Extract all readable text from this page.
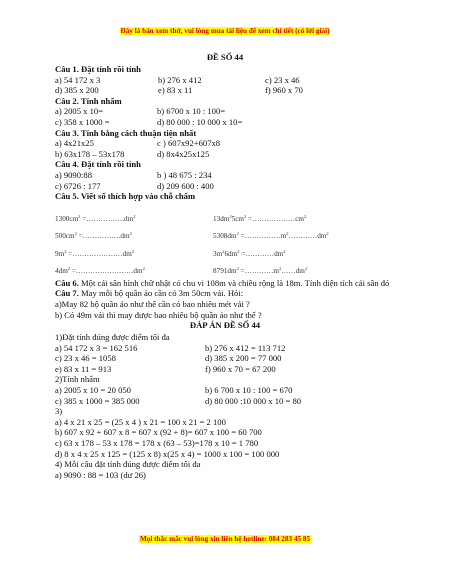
Đây là bản xem thử, vui lòng mua tài liệu để xem chi tiết (có lời giải)
ĐỀ SỐ 44
Câu 1. Đặt tính rồi tính
a) 54 172 x 3	b) 276 x 412	c) 23 x 46
d) 385 x 200	e) 83 x 11	f) 960 x 70
Câu 2. Tính nhẩm
a) 2005 x 10=	b) 6700 x 10 : 100=
c) 358 x 1000 =	d) 80 000 : 10 000 x 10=
Câu 3. Tính bằng cách thuận tiện nhất
a) 4x21x25	c ) 607x92+607x8
b) 63x178 – 53x178	d) 8x4x25x125
Câu 4. Đặt tính rồi tính
a) 9090:88	b ) 48 675 : 234
c) 6726 : 177	d) 209 600 : 400
Câu 5. Viết số thích hợp vào chỗ chấm
$1300cm^2$ $=\dots\dots\dots\dots\dots.dm^2$	$13dm^25cm^2$ $=\dots\dots\dots\dots\dots\dots cm^2$
$500cm^2$ $=\dots\dots\dots\dots\dots.dm^2$	$5308dm^2$ $=\dots\dots\dots\dots\dots m^2\dots\dots\dots\dots dm^2$
$9m^2$ $=\dots\dots\dots\dots\dots\dots\dots dm^2$	$3m^26dm^2$ $=\dots\dots\dots\dots dm^2$
$4dm^2$ $=\dots\dots\dots\dots\dots\dots\dots\dots dm^2$	$8791dm^2$ $=\dots\dots\dots\dots m^2\dots\dots dm^2$
Câu 6. Một cái sân hình chữ nhật có chu vi 108m và chiều rộng là 18m. Tính diện tích cái sân đó
Câu 7. May mỗi bộ quần áo cần có 3m 50cm vải. Hỏi:
a)May 82 bộ quần áo như thế cần có bao nhiêu mét vải ?
b) Có 49m vải thì may được bao nhiêu bộ quần áo như thế ?
ĐÁP ÁN ĐỀ SỐ 44
1)Đặt tính đúng được điểm tối đa
a) 54 172 x 3 = 162 516	b) 276 x 412 = 113 712
c) 23 x 46 = 1058	d) 385 x 200 = 77 000
e) 83 x 11 = 913	f) 960 x 70 = 67 200
2)Tính nhẩm
a) 2005 x 10 = 20 050	b) 6 700 x 10 : 100 = 670
c) 385 x 1000 = 385 000	d) 80 000 :10 000 x 10 = 80
3)
a) 4 x 21 x 25 = (25 x 4 ) x 21 = 100 x 21 = 2 100
b) 607 x 92 + 607 x 8 = 607 x (92 + 8)= 607 x 100 = 60 700
c) 63 x 178 – 53 x 178 = 178 x (63 – 53)=178 x 10 = 1 780
d) 8 x 4 x 25 x 125 = (125 x 8) x(25 x 4) = 1000 x 100 = 100 000
4) Mỗi câu đặt tính đúng được điểm tối đa
a) 9090 : 88 = 103 (dư 26)
Mọi thắc mắc vui lòng xin liên hệ hotline: 084 283 45 85
